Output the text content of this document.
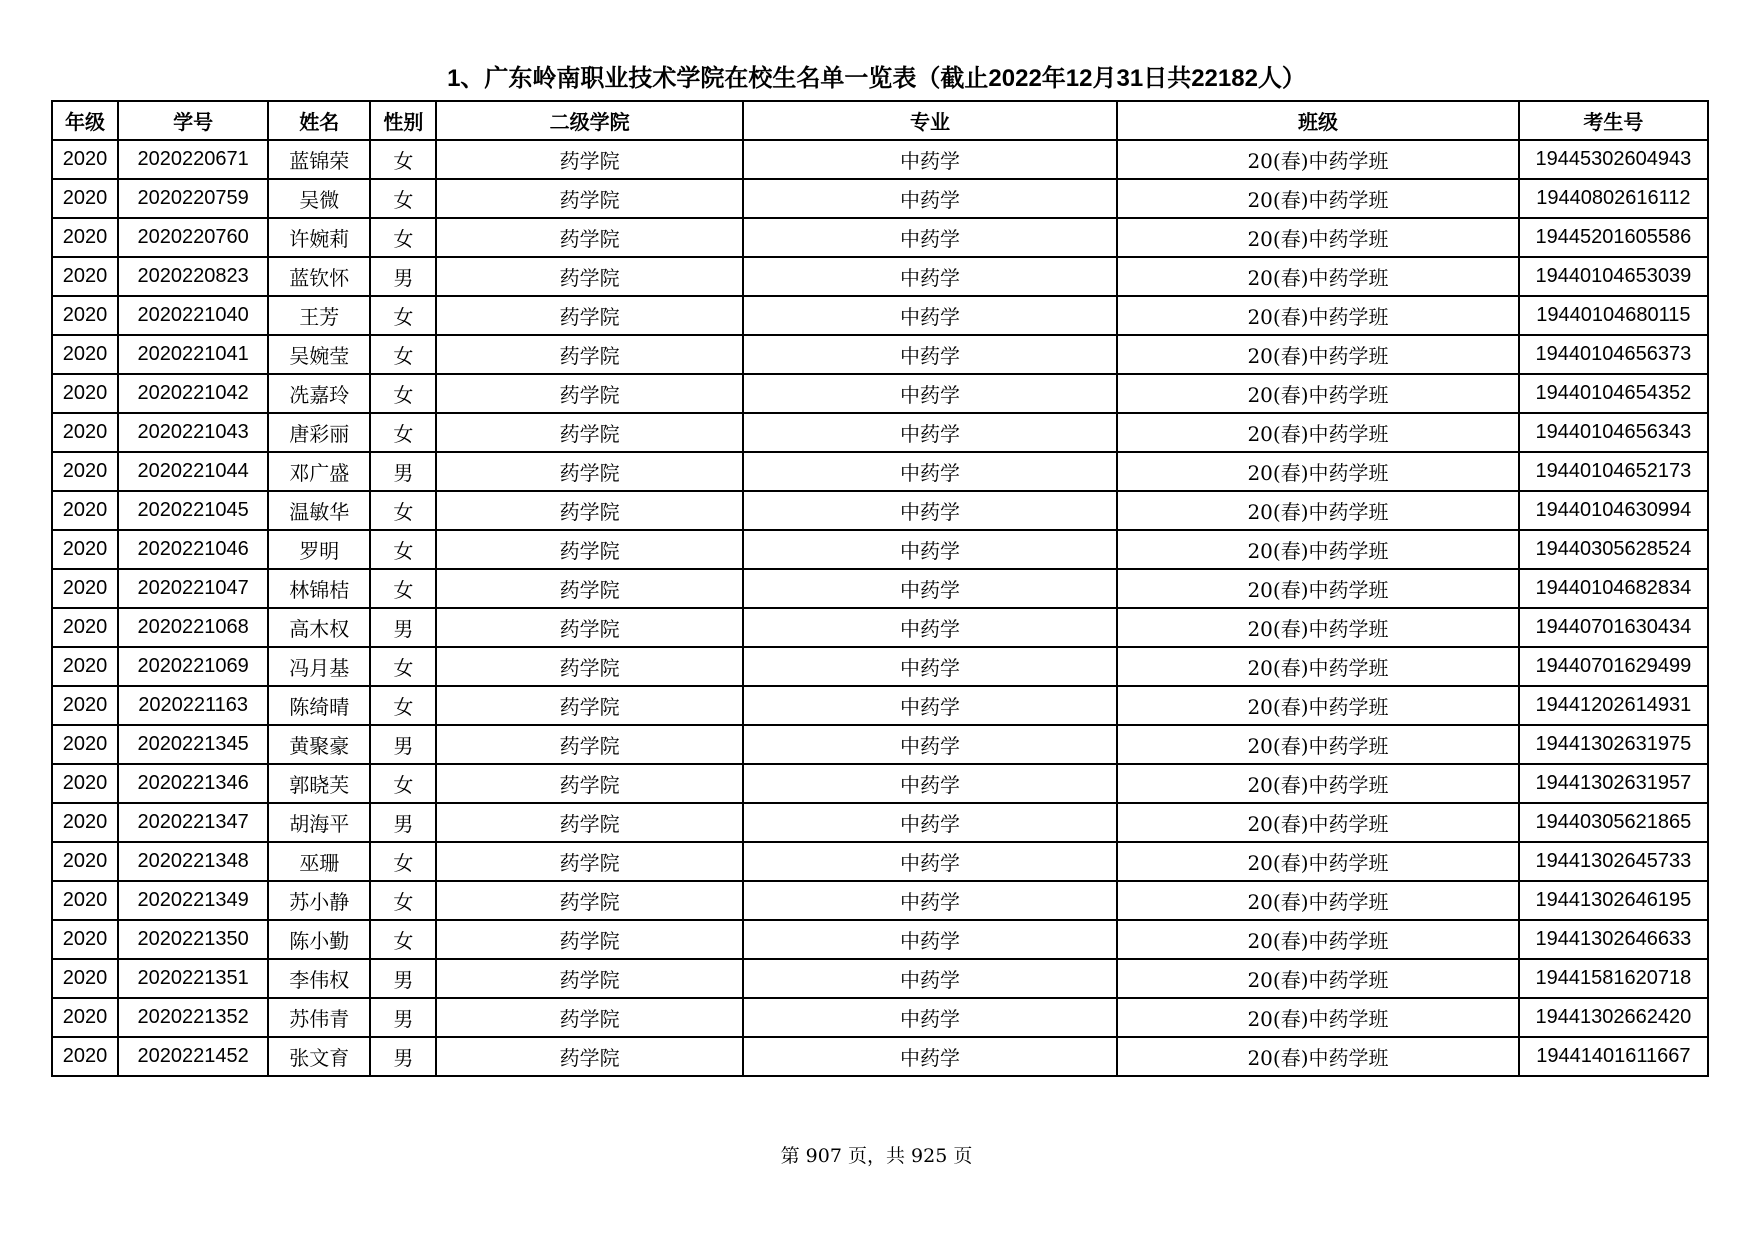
1、广东岭南职业技术学院在校生名单一览表（截止2022年12月31日共22182人）
年级	学号	姓名	性别	二级学院	专业	班级	考生号
2020	2020220671	蓝锦荣	女	药学院	中药学	20(春)中药学班	19445302604943
2020	2020220759	吴微	女	药学院	中药学	20(春)中药学班	19440802616112
2020	2020220760	许婉莉	女	药学院	中药学	20(春)中药学班	19445201605586
2020	2020220823	蓝钦怀	男	药学院	中药学	20(春)中药学班	19440104653039
2020	2020221040	王芳	女	药学院	中药学	20(春)中药学班	19440104680115
2020	2020221041	吴婉莹	女	药学院	中药学	20(春)中药学班	19440104656373
2020	2020221042	冼嘉玲	女	药学院	中药学	20(春)中药学班	19440104654352
2020	2020221043	唐彩丽	女	药学院	中药学	20(春)中药学班	19440104656343
2020	2020221044	邓广盛	男	药学院	中药学	20(春)中药学班	19440104652173
2020	2020221045	温敏华	女	药学院	中药学	20(春)中药学班	19440104630994
2020	2020221046	罗明	女	药学院	中药学	20(春)中药学班	19440305628524
2020	2020221047	林锦桔	女	药学院	中药学	20(春)中药学班	19440104682834
2020	2020221068	高木权	男	药学院	中药学	20(春)中药学班	19440701630434
2020	2020221069	冯月基	女	药学院	中药学	20(春)中药学班	19440701629499
2020	2020221163	陈绮晴	女	药学院	中药学	20(春)中药学班	19441202614931
2020	2020221345	黄聚豪	男	药学院	中药学	20(春)中药学班	19441302631975
2020	2020221346	郭晓芙	女	药学院	中药学	20(春)中药学班	19441302631957
2020	2020221347	胡海平	男	药学院	中药学	20(春)中药学班	19440305621865
2020	2020221348	巫珊	女	药学院	中药学	20(春)中药学班	19441302645733
2020	2020221349	苏小静	女	药学院	中药学	20(春)中药学班	19441302646195
2020	2020221350	陈小勤	女	药学院	中药学	20(春)中药学班	19441302646633
2020	2020221351	李伟权	男	药学院	中药学	20(春)中药学班	19441581620718
2020	2020221352	苏伟青	男	药学院	中药学	20(春)中药学班	19441302662420
2020	2020221452	张文育	男	药学院	中药学	20(春)中药学班	19441401611667
第 907 页，共 925 页
